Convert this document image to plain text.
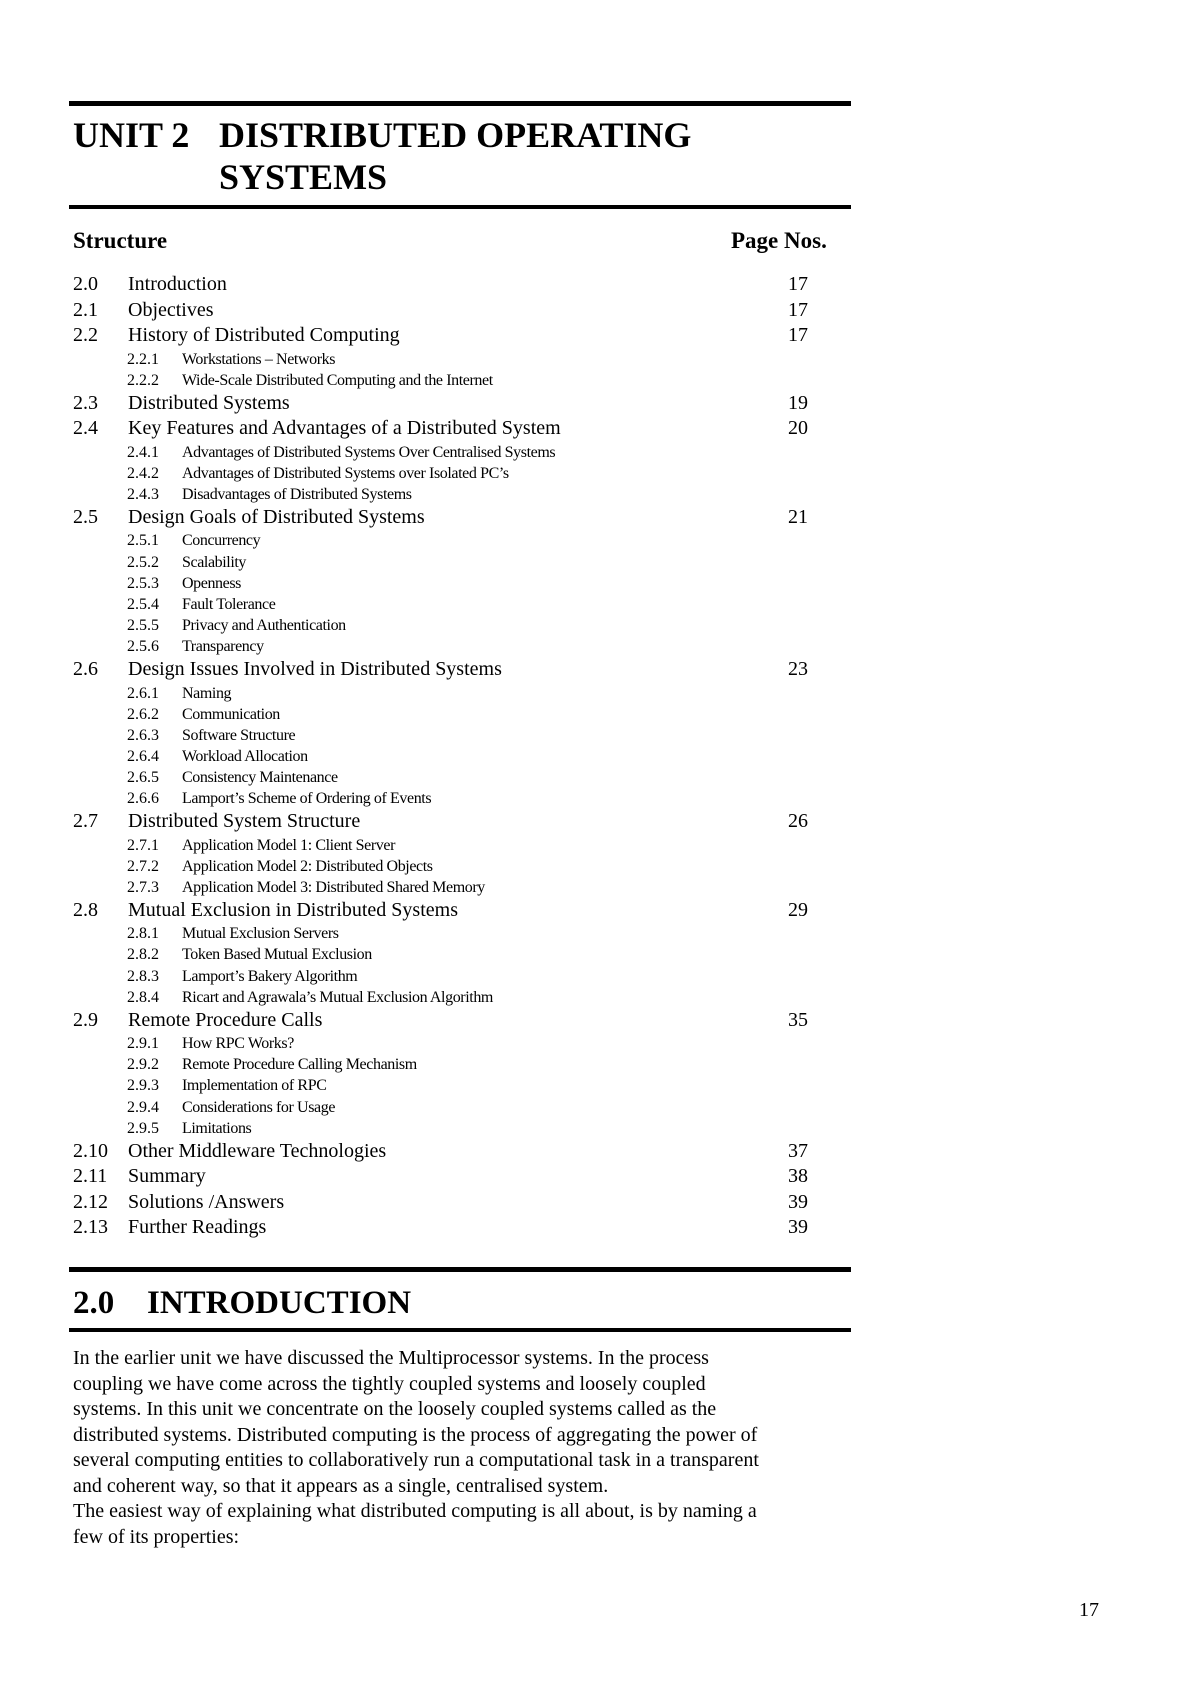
UNIT 2 DISTRIBUTED OPERATING
SYSTEMS
Structure	Page Nos.
2.0 Introduction	17
2.1 Objectives	17
2.2 History of Distributed Computing	17
2.2.1 Workstations – Networks
2.2.2 Wide-Scale Distributed Computing and the Internet
2.3 Distributed Systems	19
2.4 Key Features and Advantages of a Distributed System	20
2.4.1 Advantages of Distributed Systems Over Centralised Systems
2.4.2 Advantages of Distributed Systems over Isolated PC’s
2.4.3 Disadvantages of Distributed Systems
2.5 Design Goals of Distributed Systems	21
2.5.1 Concurrency
2.5.2 Scalability
2.5.3 Openness
2.5.4 Fault Tolerance
2.5.5 Privacy and Authentication
2.5.6 Transparency
2.6 Design Issues Involved in Distributed Systems	23
2.6.1 Naming
2.6.2 Communication
2.6.3 Software Structure
2.6.4 Workload Allocation
2.6.5 Consistency Maintenance
2.6.6 Lamport’s Scheme of Ordering of Events
2.7 Distributed System Structure	26
2.7.1 Application Model 1: Client Server
2.7.2 Application Model 2: Distributed Objects
2.7.3 Application Model 3: Distributed Shared Memory
2.8 Mutual Exclusion in Distributed Systems	29
2.8.1 Mutual Exclusion Servers
2.8.2 Token Based Mutual Exclusion
2.8.3 Lamport’s Bakery Algorithm
2.8.4 Ricart and Agrawala’s Mutual Exclusion Algorithm
2.9 Remote Procedure Calls	35
2.9.1 How RPC Works?
2.9.2 Remote Procedure Calling Mechanism
2.9.3 Implementation of RPC
2.9.4 Considerations for Usage
2.9.5 Limitations
2.10 Other Middleware Technologies	37
2.11 Summary	38
2.12 Solutions /Answers	39
2.13 Further Readings	39
2.0 INTRODUCTION
In the earlier unit we have discussed the Multiprocessor systems. In the process
coupling we have come across the tightly coupled systems and loosely coupled
systems. In this unit we concentrate on the loosely coupled systems called as the
distributed systems. Distributed computing is the process of aggregating the power of
several computing entities to collaboratively run a computational task in a transparent
and coherent way, so that it appears as a single, centralised system.
The easiest way of explaining what distributed computing is all about, is by naming a
few of its properties:
17
